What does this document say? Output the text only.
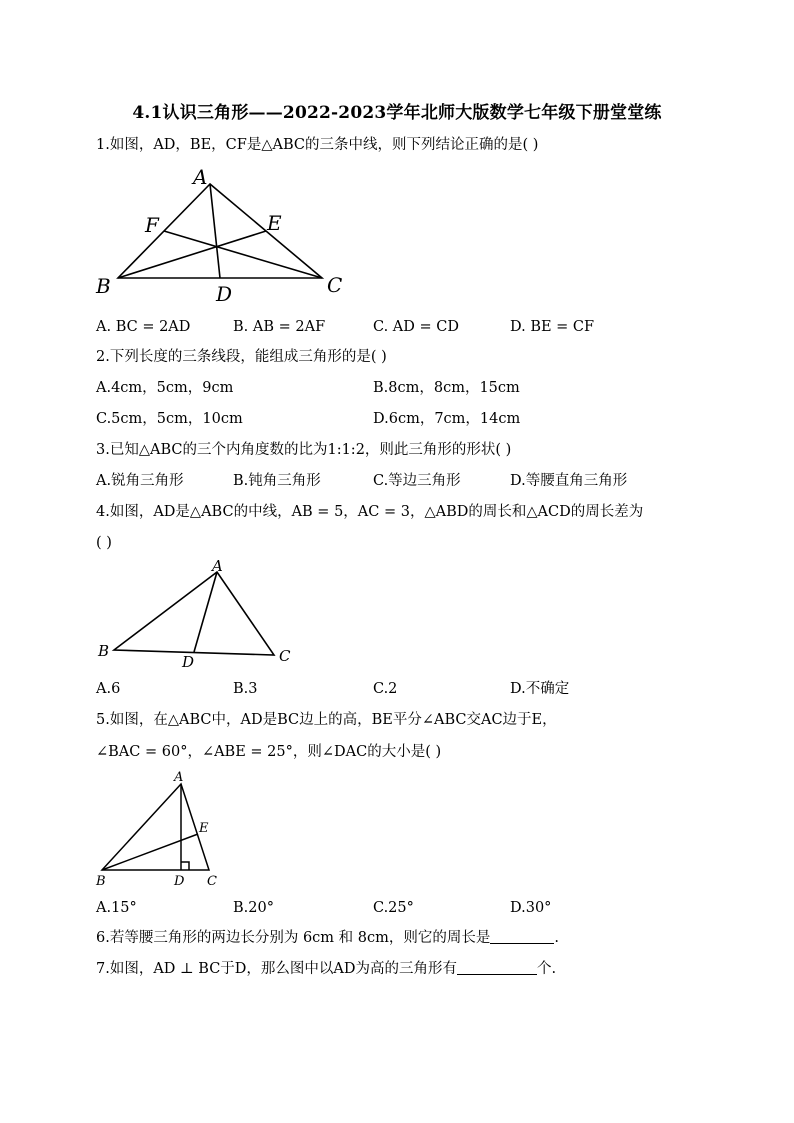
4.1认识三角形——2022-2023学年北师大版数学七年级下册堂堂练
1.如图，AD，BE，CF是△ABC的三条中线，则下列结论正确的是( )
A
B	C
D
E
F
A. BC = 2AD	B. AB = 2AF	C. AD = CD	D. BE = CF
2.下列长度的三条线段，能组成三角形的是( )
A.4cm，5cm，9cm	B.8cm，8cm，15cm
C.5cm，5cm，10cm	D.6cm，7cm，14cm
3.已知△ABC的三个内角度数的比为1:1:2，则此三角形的形状( )
A.锐角三角形	B.钝角三角形	C.等边三角形	D.等腰直角三角形
4.如图，AD是△ABC的中线，AB = 5，AC = 3，△ABD的周长和△ACD的周长差为
( )
A
B	C
D
A.6	B.3	C.2	D.不确定
5.如图，在△ABC中，AD是BC边上的高，BE平分∠ABC交AC边于E，
∠BAC = 60°，∠ABE = 25°，则∠DAC的大小是( )
A
B	C
D
E
A.15°	B.20°	C.25°	D.30°
6.若等腰三角形的两边长分别为 6cm 和 8cm，则它的周长是	.
7.如图，AD ⊥ BC于D，那么图中以AD为高的三角形有	个.
